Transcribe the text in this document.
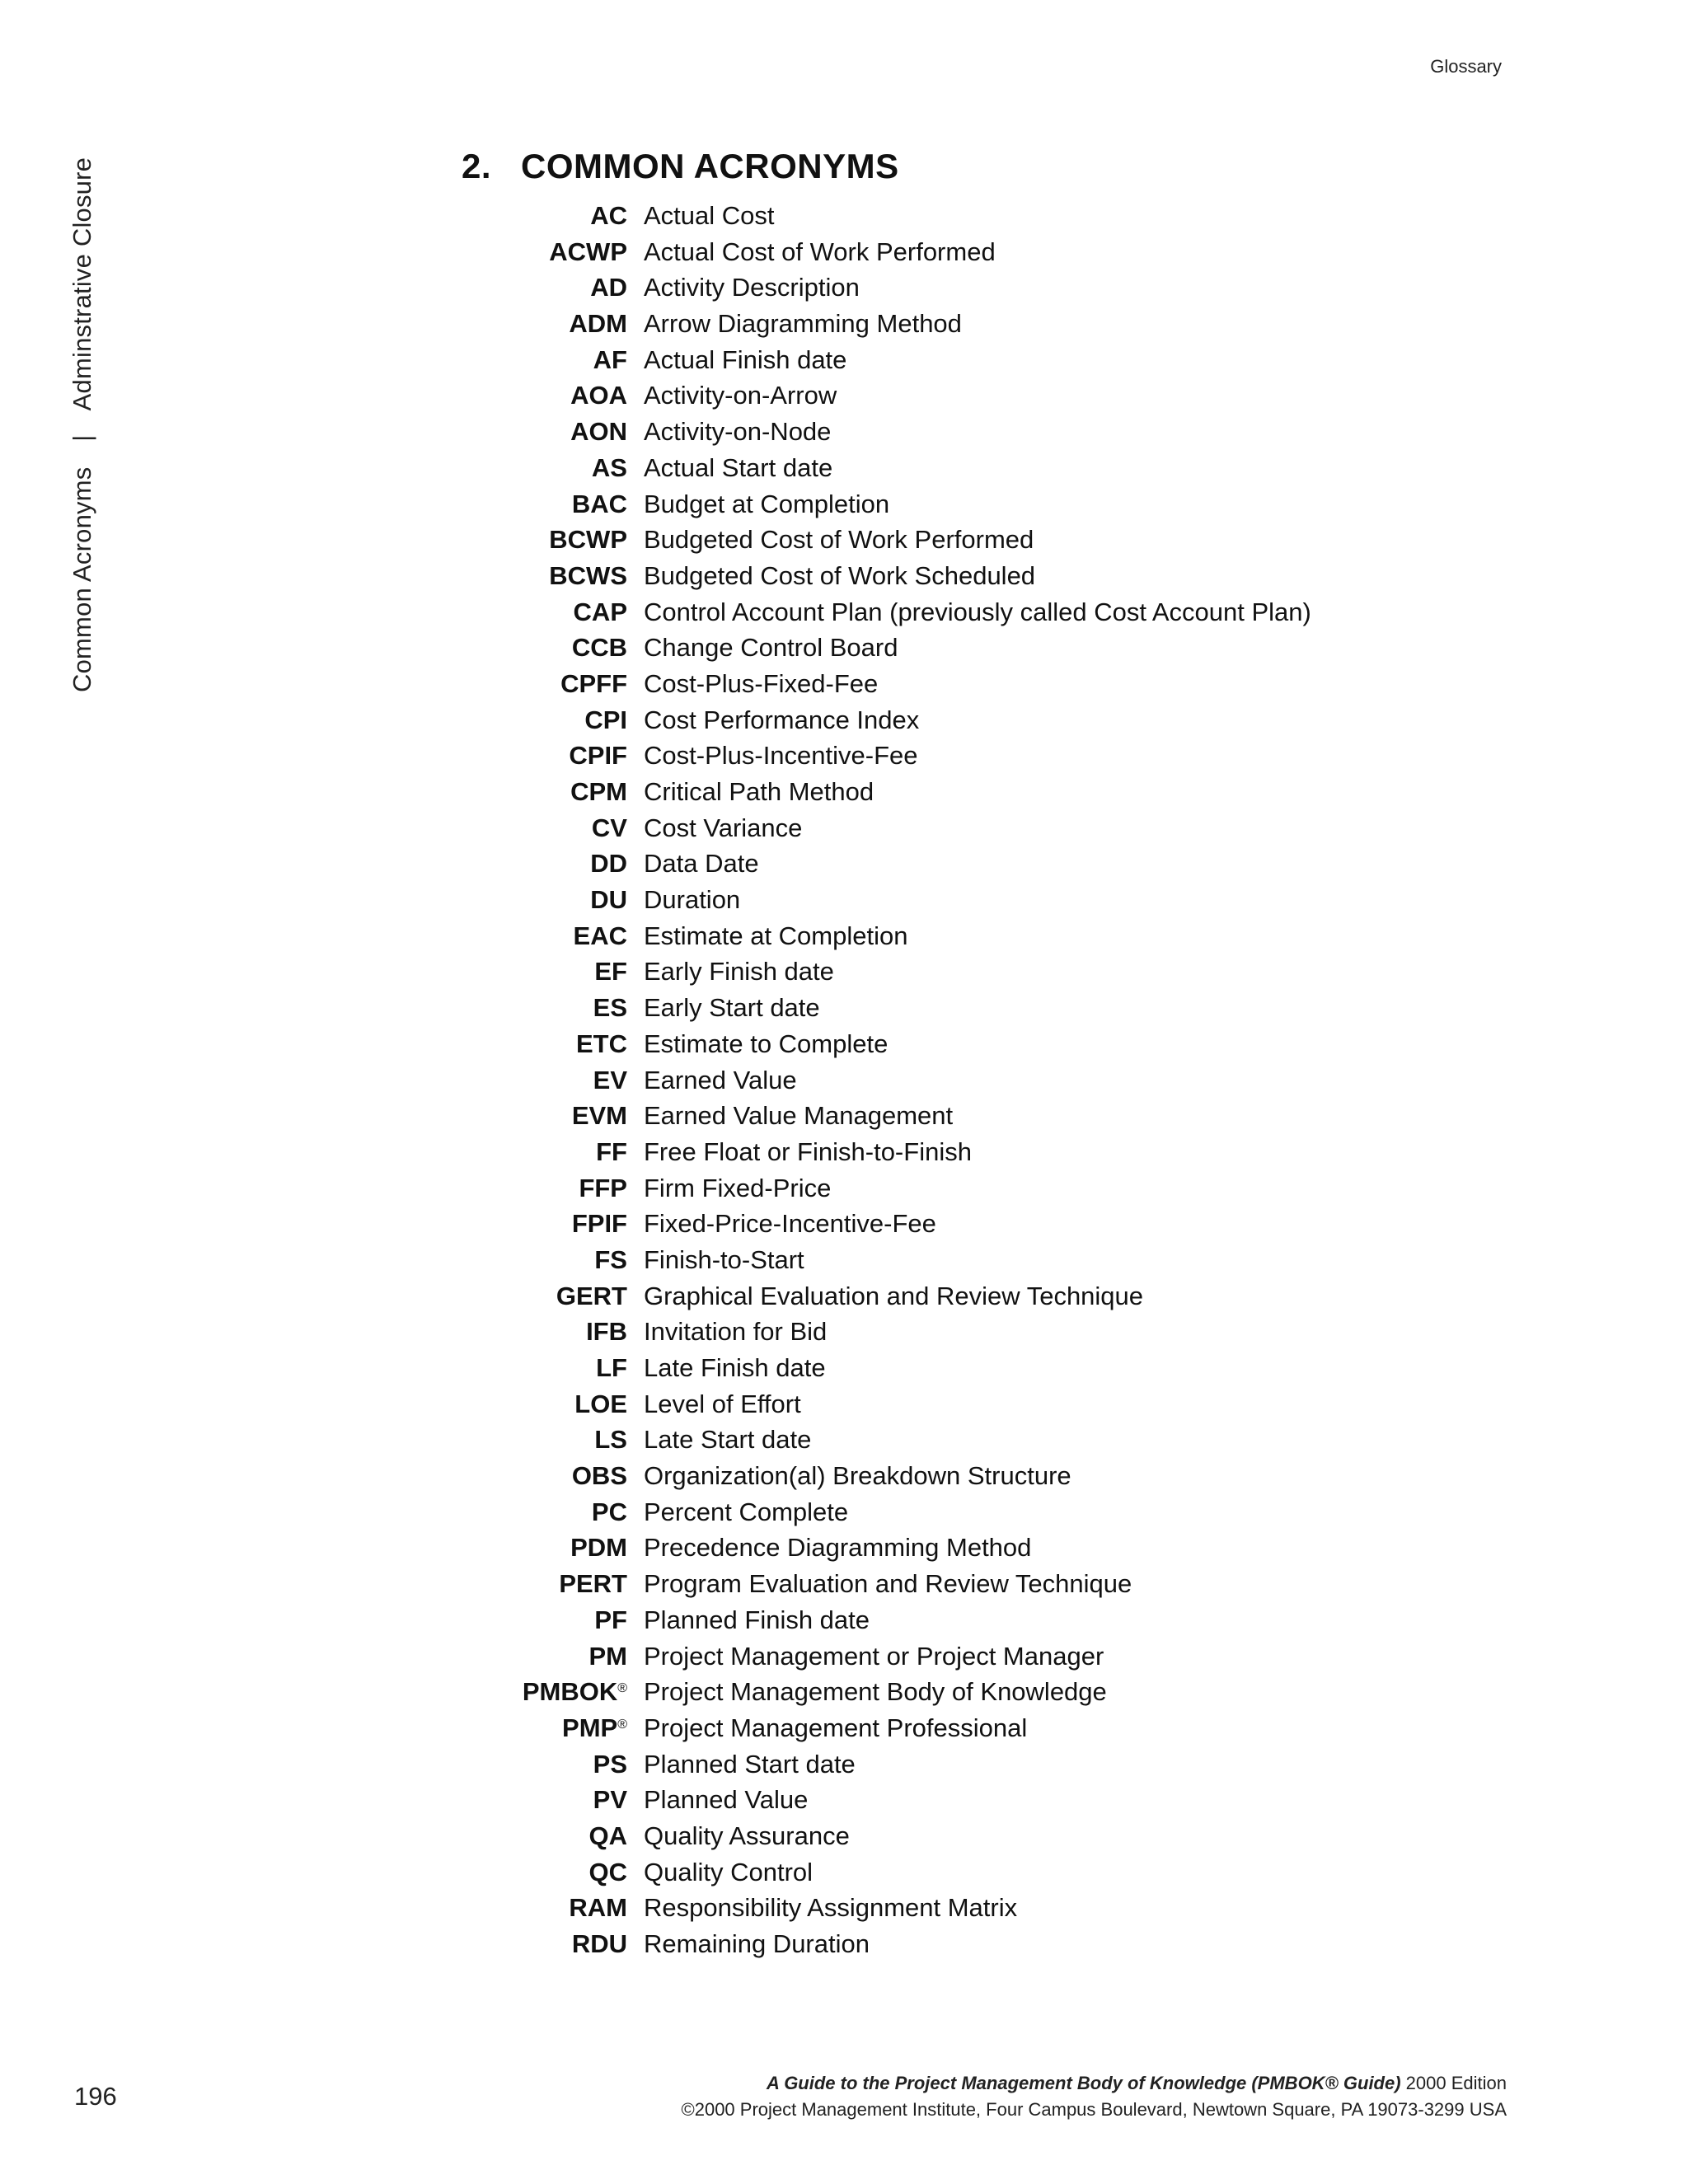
Glossary
Common Acronyms | Adminstrative Closure	2. COMMON ACRONYMS
AC Actual Cost
ACWP Actual Cost of Work Performed
AD Activity Description
ADM Arrow Diagramming Method
AF Actual Finish date
AOA Activity-on-Arrow
AON Activity-on-Node
AS Actual Start date
BAC Budget at Completion
BCWP Budgeted Cost of Work Performed
BCWS Budgeted Cost of Work Scheduled
CAP Control Account Plan (previously called Cost Account Plan)
CCB Change Control Board
CPFF Cost-Plus-Fixed-Fee
CPI Cost Performance Index
CPIF Cost-Plus-Incentive-Fee
CPM Critical Path Method
CV Cost Variance
DD Data Date
DU Duration
EAC Estimate at Completion
EF Early Finish date
ES Early Start date
ETC Estimate to Complete
EV Earned Value
EVM Earned Value Management
FF Free Float or Finish-to-Finish
FFP Firm Fixed-Price
FPIF Fixed-Price-Incentive-Fee
FS Finish-to-Start
GERT Graphical Evaluation and Review Technique
IFB Invitation for Bid
LF Late Finish date
LOE Level of Effort
LS Late Start date
OBS Organization(al) Breakdown Structure
PC Percent Complete
PDM Precedence Diagramming Method
PERT Program Evaluation and Review Technique
PF Planned Finish date
PM Project Management or Project Manager
PMBOK® Project Management Body of Knowledge
PMP® Project Management Professional
PS Planned Start date
PV Planned Value
QA Quality Assurance
QC Quality Control
RAM Responsibility Assignment Matrix
RDU Remaining Duration
196	A Guide to the Project Management Body of Knowledge (PMBOK® Guide) 2000 Edition
©2000 Project Management Institute, Four Campus Boulevard, Newtown Square, PA 19073-3299 USA
